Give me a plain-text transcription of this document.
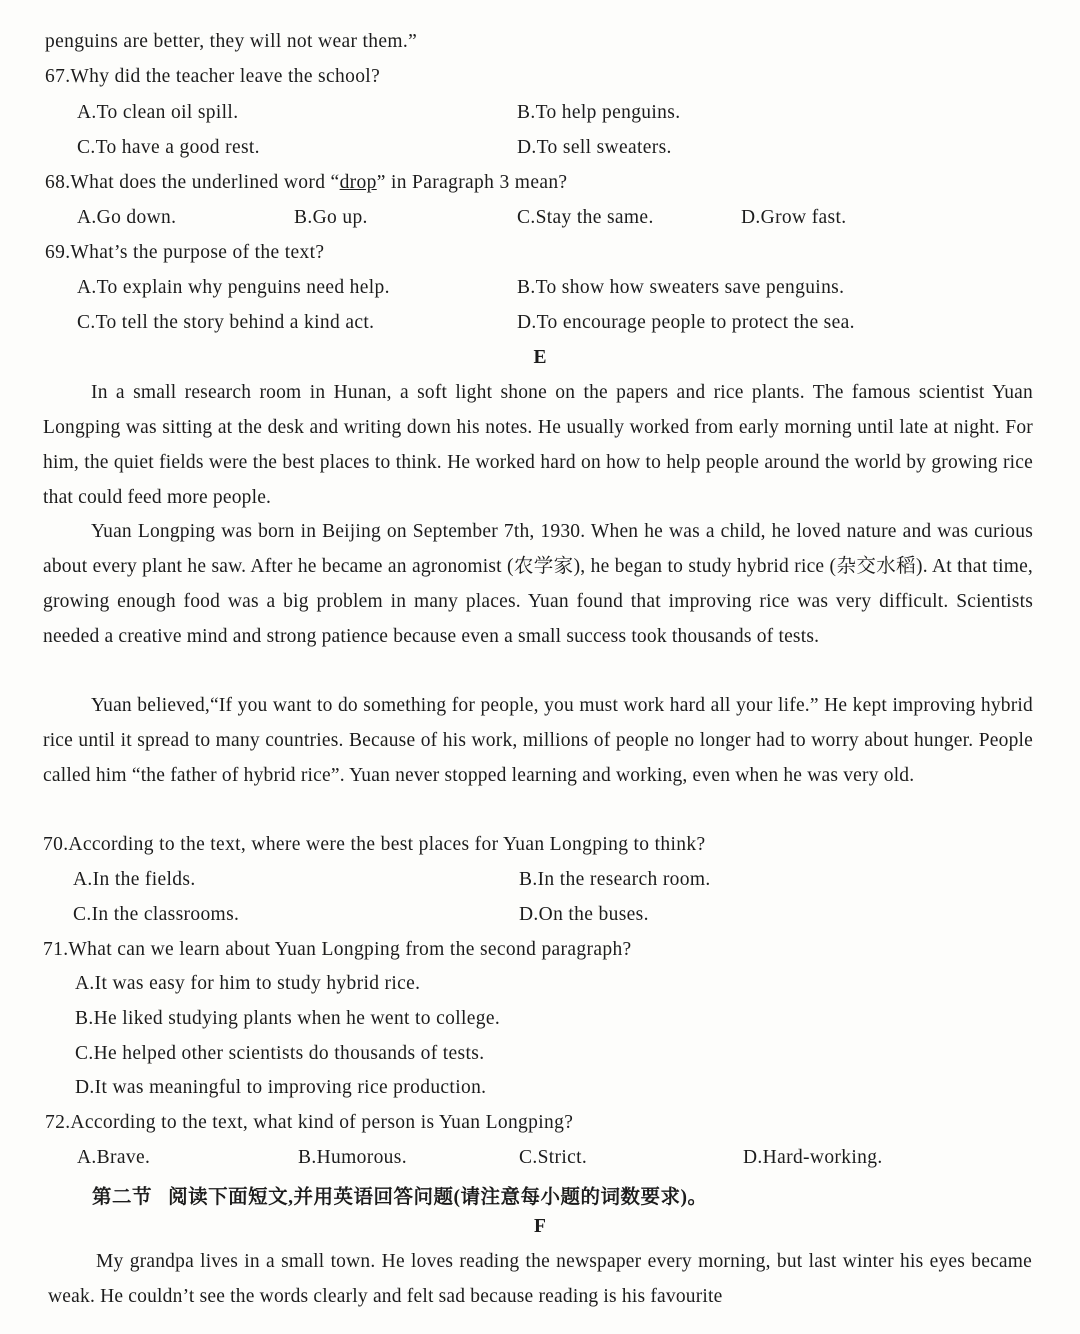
penguins are better, they will not wear them.”
67.Why did the teacher leave the school?
A.To clean oil spill.	B.To help penguins.
C.To have a good rest.	D.To sell sweaters.
68.What does the underlined word “drop” in Paragraph 3 mean?
A.Go down.	B.Go up.	C.Stay the same.	D.Grow fast.
69.What’s the purpose of the text?
A.To explain why penguins need help.	B.To show how sweaters save penguins.
C.To tell the story behind a kind act.	D.To encourage people to protect the sea.
E
In a small research room in Hunan, a soft light shone on the papers and rice plants. The famous scientist Yuan Longping was sitting at the desk and writing down his notes. He usually worked from early morning until late at night. For him, the quiet fields were the best places to think. He worked hard on how to help people around the world by growing rice that could feed more people.
Yuan Longping was born in Beijing on September 7th, 1930. When he was a child, he loved nature and was curious about every plant he saw. After he became an agronomist (农学家), he began to study hybrid rice (杂交水稻). At that time, growing enough food was a big problem in many places. Yuan found that improving rice was very difficult. Scientists needed a creative mind and strong patience because even a small success took thousands of tests.
Yuan believed,“If you want to do something for people, you must work hard all your life.” He kept improving hybrid rice until it spread to many countries. Because of his work, millions of people no longer had to worry about hunger. People called him “the father of hybrid rice”. Yuan never stopped learning and working, even when he was very old.
70.According to the text, where were the best places for Yuan Longping to think?
A.In the fields.	B.In the research room.
C.In the classrooms.	D.On the buses.
71.What can we learn about Yuan Longping from the second paragraph?
A.It was easy for him to study hybrid rice.
B.He liked studying plants when he went to college.
C.He helped other scientists do thousands of tests.
D.It was meaningful to improving rice production.
72.According to the text, what kind of person is Yuan Longping?
A.Brave.	B.Humorous.	C.Strict.	D.Hard-working.
第二节 阅读下面短文,并用英语回答问题(请注意每小题的词数要求)。
F
My grandpa lives in a small town. He loves reading the newspaper every morning, but last winter his eyes became weak. He couldn’t see the words clearly and felt sad because reading is his favourite
